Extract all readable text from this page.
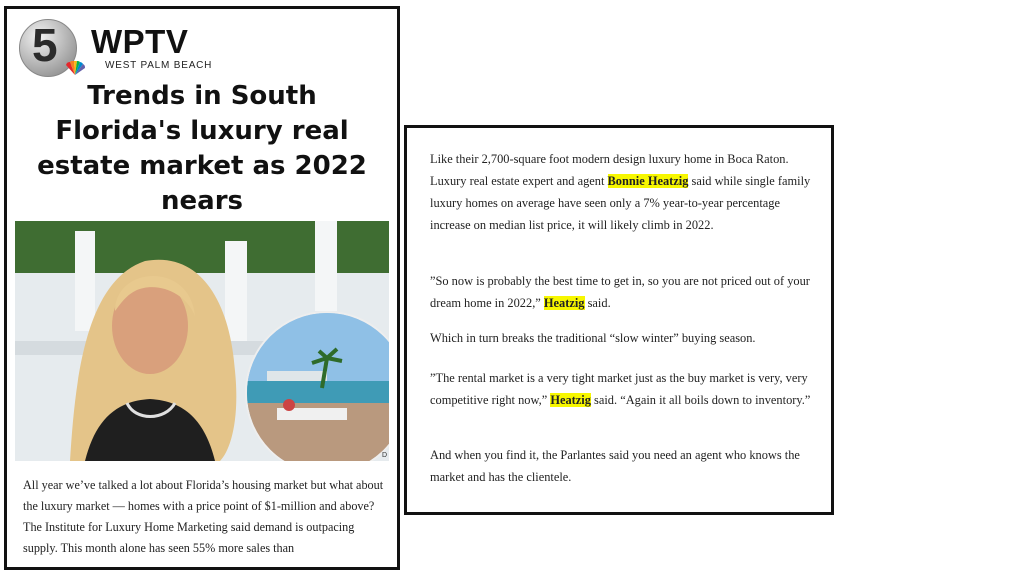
5 WPTV
WEST PALM BEACH
Trends in South Florida's luxury real estate market as 2022 nears
D
All year we’ve talked a lot about Florida’s housing market but what about the luxury market — homes with a price point of $1-million and above? The Institute for Luxury Home Marketing said demand is outpacing supply. This month alone has seen 55% more sales than

Like their 2,700-square foot modern design luxury home in Boca Raton. Luxury real estate expert and agent Bonnie Heatzig said while single family luxury homes on average have seen only a 7% year-to-year percentage increase on median list price, it will likely climb in 2022.

”So now is probably the best time to get in, so you are not priced out of your dream home in 2022,” Heatzig said.

Which in turn breaks the traditional “slow winter” buying season.

”The rental market is a very tight market just as the buy market is very, very competitive right now,” Heatzig said. “Again it all boils down to inventory.”

And when you find it, the Parlantes said you need an agent who knows the market and has the clientele.
